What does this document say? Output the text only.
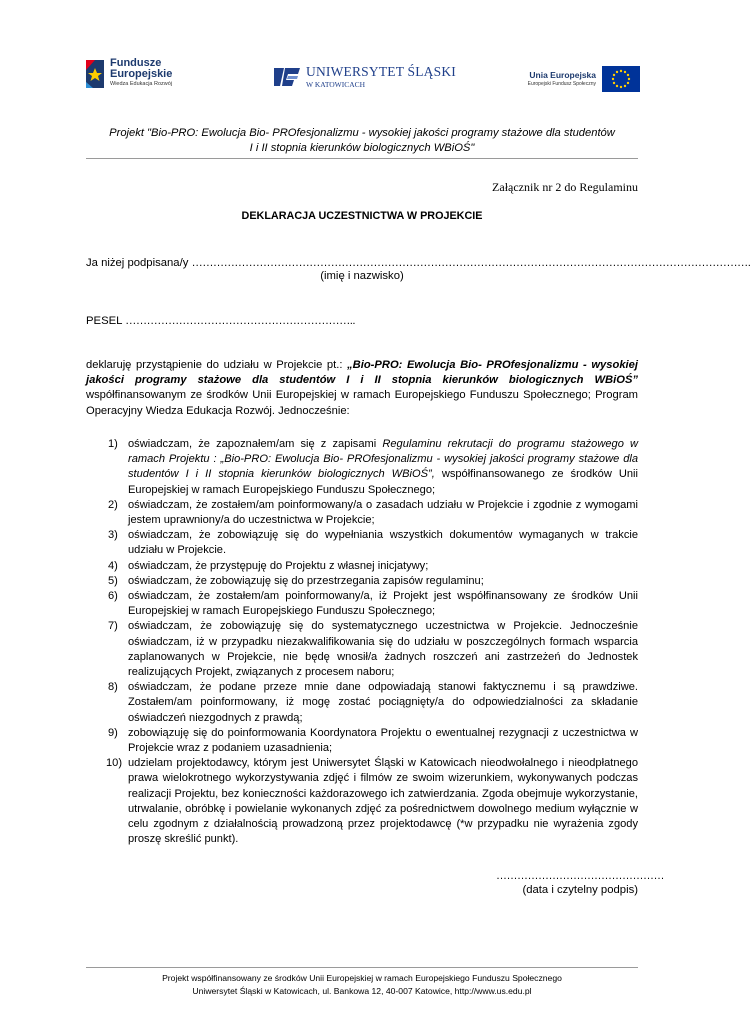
Fundusze
Europejskie
Wiedza Edukacja Rozwój
UNIWERSYTET ŚLĄSKI
W KATOWICACH
Unia Europejska
Europejski Fundusz Społeczny
Projekt "Bio-PRO: Ewolucja Bio- PROfesjonalizmu - wysokiej jakości programy stażowe dla studentów
I i II stopnia kierunków biologicznych WBiOŚ"
Załącznik nr 2 do Regulaminu
DEKLARACJA UCZESTNICTWA W PROJEKCIE
Ja niżej podpisana/y ………………………………………………………………………………………………………………………………………….
(imię i nazwisko)
PESEL ………………………………………………………..
deklaruję przystąpienie do udziału w Projekcie pt.: „Bio-PRO: Ewolucja Bio- PROfesjonalizmu - wysokiej jakości programy stażowe dla studentów I i II stopnia kierunków biologicznych WBiOŚ” współfinansowanym ze środków Unii Europejskiej w ramach Europejskiego Funduszu Społecznego; Program Operacyjny Wiedza Edukacja Rozwój. Jednocześnie:
1) oświadczam, że zapoznałem/am się z zapisami Regulaminu rekrutacji do programu stażowego w ramach Projektu : „Bio-PRO: Ewolucja Bio- PROfesjonalizmu - wysokiej jakości programy stażowe dla studentów I i II stopnia kierunków biologicznych WBiOŚ”, współfinansowanego ze środków Unii Europejskiej w ramach Europejskiego Funduszu Społecznego;
2) oświadczam, że zostałem/am poinformowany/a o zasadach udziału w Projekcie i zgodnie z wymogami jestem uprawniony/a do uczestnictwa w Projekcie;
3) oświadczam, że zobowiązuję się do wypełniania wszystkich dokumentów wymaganych w trakcie udziału w Projekcie.
4) oświadczam, że przystępuję do Projektu z własnej inicjatywy;
5) oświadczam, że zobowiązuję się do przestrzegania zapisów regulaminu;
6) oświadczam, że zostałem/am poinformowany/a, iż Projekt jest współfinansowany ze środków Unii Europejskiej w ramach Europejskiego Funduszu Społecznego;
7) oświadczam, że zobowiązuję się do systematycznego uczestnictwa w Projekcie. Jednocześnie oświadczam, iż w przypadku niezakwalifikowania się do udziału w poszczególnych formach wsparcia zaplanowanych w Projekcie, nie będę wnosił/a żadnych roszczeń ani zastrzeżeń do Jednostek realizujących Projekt, związanych z procesem naboru;
8) oświadczam, że podane przeze mnie dane odpowiadają stanowi faktycznemu i są prawdziwe. Zostałem/am poinformowany, iż mogę zostać pociągnięty/a do odpowiedzialności za składanie oświadczeń niezgodnych z prawdą;
9) zobowiązuję się do poinformowania Koordynatora Projektu o ewentualnej rezygnacji z uczestnictwa w Projekcie wraz z podaniem uzasadnienia;
10) udzielam projektodawcy, którym jest Uniwersytet Śląski w Katowicach nieodwołalnego i nieodpłatnego prawa wielokrotnego wykorzystywania zdjęć i filmów ze swoim wizerunkiem, wykonywanych podczas realizacji Projektu, bez konieczności każdorazowego ich zatwierdzania. Zgoda obejmuje wykorzystanie, utrwalanie, obróbkę i powielanie wykonanych zdjęć za pośrednictwem dowolnego medium wyłącznie w celu zgodnym z działalnością prowadzoną przez projektodawcę (*w przypadku nie wyrażenia zgody proszę skreślić punkt).
…………………………………………
(data i czytelny podpis)
Projekt współfinansowany ze środków Unii Europejskiej w ramach Europejskiego Funduszu Społecznego
Uniwersytet Śląski w Katowicach, ul. Bankowa 12, 40-007 Katowice, http://www.us.edu.pl
